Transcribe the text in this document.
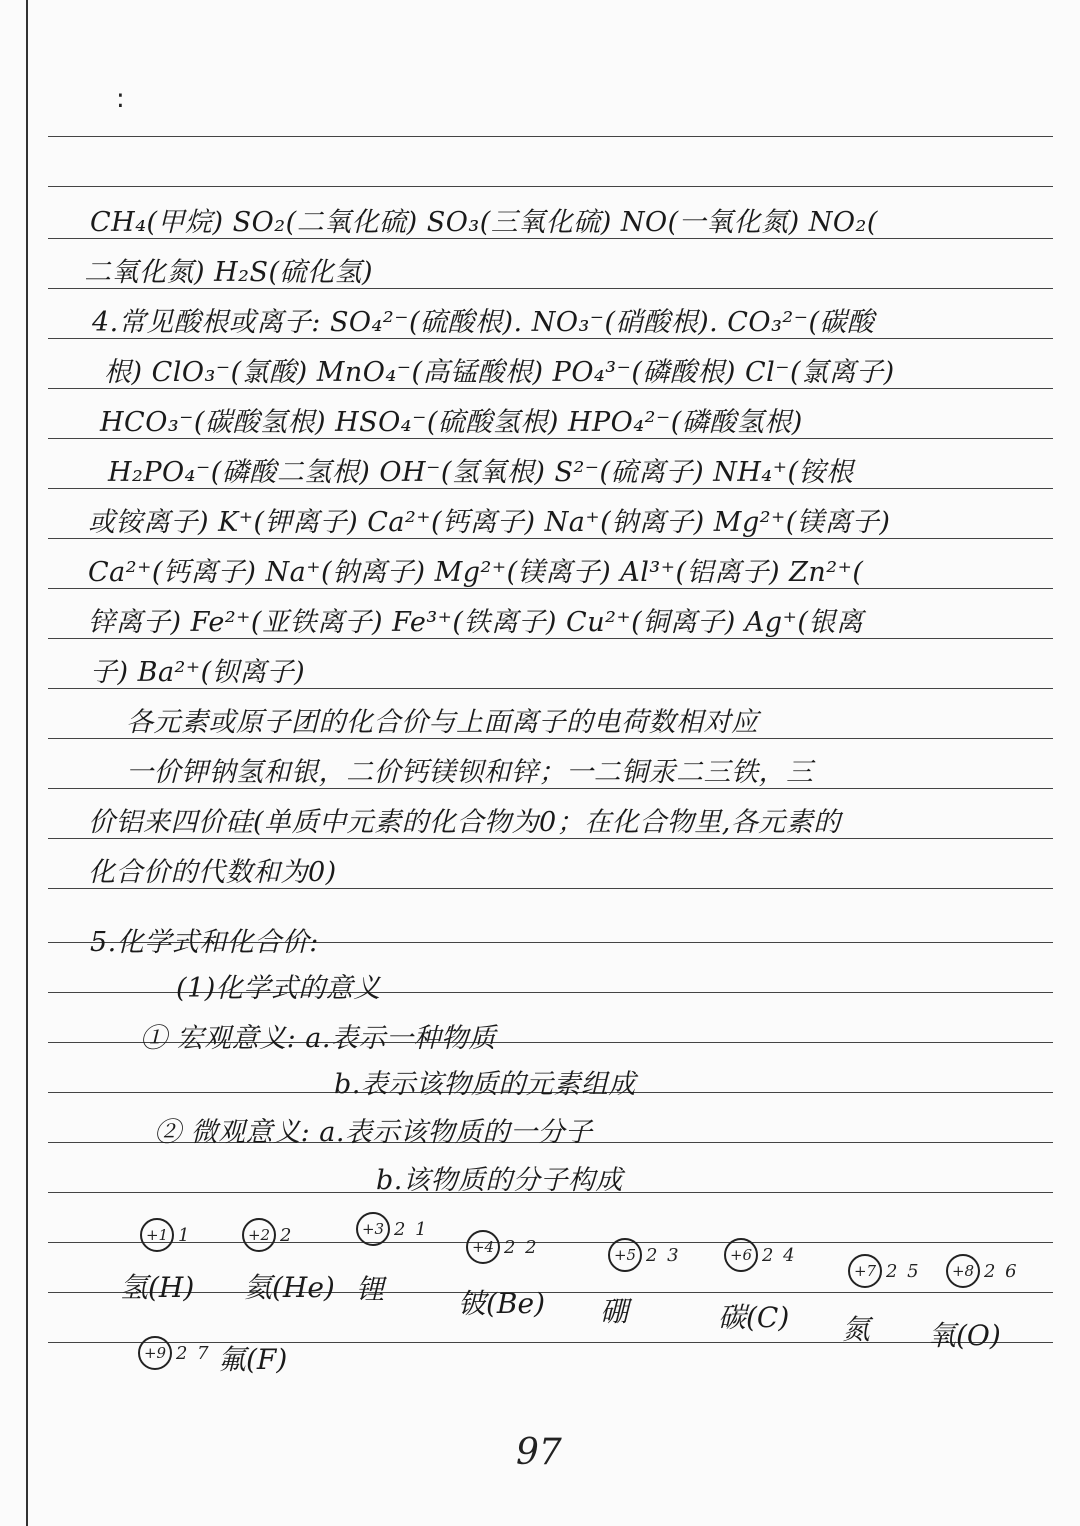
:
CH₄(甲烷) SO₂(二氧化硫) SO₃(三氧化硫) NO(一氧化氮) NO₂(
二氧化氮) H₂S(硫化氢)
4.常见酸根或离子: SO₄²⁻(硫酸根). NO₃⁻(硝酸根). CO₃²⁻(碳酸
根) ClO₃⁻(氯酸) MnO₄⁻(高锰酸根) PO₄³⁻(磷酸根) Cl⁻(氯离子)
HCO₃⁻(碳酸氢根) HSO₄⁻(硫酸氢根) HPO₄²⁻(磷酸氢根)
H₂PO₄⁻(磷酸二氢根) OH⁻(氢氧根) S²⁻(硫离子) NH₄⁺(铵根
或铵离子) K⁺(钾离子) Ca²⁺(钙离子) Na⁺(钠离子) Mg²⁺(镁离子)
Ca²⁺(钙离子) Na⁺(钠离子) Mg²⁺(镁离子) Al³⁺(铝离子) Zn²⁺(
锌离子) Fe²⁺(亚铁离子) Fe³⁺(铁离子) Cu²⁺(铜离子) Ag⁺(银离
子) Ba²⁺(钡离子)
各元素或原子团的化合价与上面离子的电荷数相对应
一价钾钠氢和银，二价钙镁钡和锌；一二铜汞二三铁，三
价铝来四价硅(单质中元素的化合物为0；在化合物里,各元素的
化合价的代数和为0)
5.化学式和化合价:
(1)化学式的意义
① 宏观意义: a.表示一种物质
b.表示该物质的元素组成
② 微观意义: a.表示该物质的一分子
b.该物质的分子构成
+1 1
氢(H)
+2 2
氦(He)
+3 2 1
锂
+4 2 2
铍(Be)
+5 2 3
硼
+6 2 4
碳(C)
+7 2 5
氮
+8 2 6
氧(O)
+9 2 7 氟(F)
97
